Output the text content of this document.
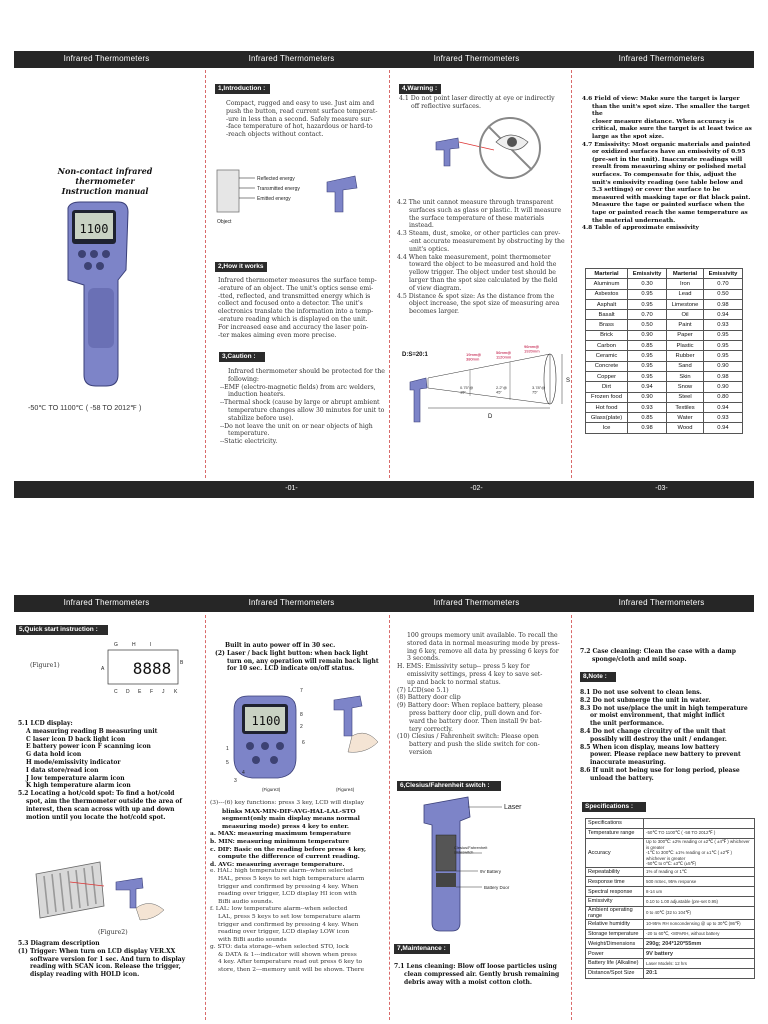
Infrared Thermometers	Infrared Thermometers	Infrared Thermometers	Infrared Thermometers

Non-contact infrared thermometer

Instruction manual

1100
-50℃ TO 1100℃ ( -58 TO 2012℉ )
1,Introduction :

Compact, rugged and easy to use. Just aim and

push the button, read current surface temperat-

-ure in less than a second. Safely measure sur-

-face temperature of hot, hazardous or hard-to

-reach objects without contact.

Reflected energy
Transmitted energy
Emitted energy
Object
2,How it works :

Infrared thermometer measures the surface temp-

-erature of an object. The unit's optics sense emi-

-tted, reflected, and transmitted energy which is

collect and focused onto a detector. The unit's

electronics translate the information into a temp-

-erature reading which is displayed on the unit.

For increased ease and accuracy the laser poin-

-ter makes aiming even more precise.

3,Caution :

Infrared thermometer should be protected for the

following:

--EMF (electro-magnetic fields) from arc welders,

induction heaters.

--Thermal shock (cause by large or abrupt ambient

temperature changes allow 30 minutes for unit to

stabilize before use).

--Do not leave the unit on or near objects of high

temperature.

--Static electricity.

4,Warning :

4.1 Do not point laser directly at eye or indirectly

off reflective surfaces.

4.2 The unit cannot measure through transparent

surfaces such as glass or plastic. It will measure

the surface temperature of these materials

instead.

4.3 Steam, dust, smoke, or other particles can prev-

-ent accurate measurement by obstructing by the

unit's optics.

4.4 When take measurement, point thermometer

toward the object to be measured and hold the

yellow trigger. The object under test should be

larger than the spot size calculated by the field

of view diagram.

4.5 Distance & spot size: As the distance from the

object increase, the spot size of measuring area

becomes larger.

D:S=20:1	19mm@ 380mm
56mm@ 1120mm
96mm@ 1920mm
0.75"@ 15"
2.2"@ 45"
3.78"@ 75"
S
D

4.6 Field of view: Make sure the target is larger

than the unit's spot size. The smaller the target the

closer measure distance. When accuracy is

critical, make sure the target is at least twice as

large as the spot size.

4.7 Emissivity: Most organic materials and painted

or oxidized surfaces have an emissivity of 0.95

(pre-set in the unit). Inaccurate readings will

result from measuring shiny or polished metal

surfaces. To compensate for this, adjust the

unit's emissivity reading (see table below and

5.3 settings) or cover the surface to be

measured with masking tape or flat black paint.

Measure the tape or painted surface when the

tape or painted reach the same temperature as

the material underneath.

4.8 Table of approximate emissivity

Marterial	Emissivity	Marterial	Emissivity
Aluminum	0.30	Iron	0.70
Asbestos	0.95	Lead	0.50
Asphalt	0.95	Limestone	0.98
Basalt	0.70	Oil	0.94
Brass	0.50	Paint	0.93
Brick	0.90	Paper	0.95
Carbon	0.85	Plastic	0.95
Ceramic	0.95	Rubber	0.95
Concrete	0.95	Sand	0.90
Copper	0.95	Skin	0.98
Dirt	0.94	Snow	0.90
Frozen food	0.90	Steel	0.80
Hot food	0.93	Textiles	0.94
Glass(plate)	0.85	Water	0.93
Ice	0.98	Wood	0.94
-01-	-02-	-03-
Infrared Thermometers	Infrared Thermometers	Infrared Thermometers	Infrared Thermometers
5,Quick start instruction :
(Figure1)	8888
G	H	I
A
B
C D E F J K

5.1 LCD display:

A measuring reading B measuring unit

C laser icon D back light icon

E battery power icon F scanning icon

G data hold icon

H mode/emissivity indicator

I data store/read icon

J low temperature alarm icon

K high temperature alarm icon

5.2 Locating a hot/cold spot: To find a hot/cold

spot, aim the thermometer outside the area of

interest, then scan across with up and down

motion until you locate the hot/cold spot.

(Figure2)

5.3 Diagram description

(1) Trigger: When turn on LCD display VER.XX

software version for 1 sec. And turn to display

reading with SCAN icon. Release the trigger,

display reading with HOLD icon.

Built in auto power off in 30 sec.

(2) Laser / back light button: when back light

turn on, any operation will remain back light

for 10 sec. LCD indicate on/off status.

1100
1
2
3
4
5
6
7
8
(Figure3)	(Figure4)

(3)---(6) key functions: press 3 key, LCD will display

blinks MAX-MIN-DIF-AVG-HAL-LAL-STO

segment(only main display means normal

measuring mode) press 4 key to enter.

a. MAX: measuring maximum temperature

b. MIN: measuring minimum temperature

c. DIF: Basic on the reading before press 4 key,

compute the difference of current reading.

d. AVG: measuring average temperature.

e. HAL: high temperature alarm--when selected

HAL, press 5 keys to set high temperature alarm

trigger and confirmed by pressing 4 key. When

reading over trigger, LCD display HI icon with

BiBi audio sounds.

f. LAL: low temperature alarm--when selected

LAL, press 5 keys to set low temperature alarm

trigger and confirmed by pressing 4 key. When

reading over trigger, LCD display LOW icon

with BiBi audio sounds

g. STO: data storage--when selected STO, lock

& DATA & 1---indicator will shown when press

4 key. After temperature read out press 6 key to

store, then 2---memory unit will be shown. There

100 groups memory unit available. To recall the

stored data in normal measuring mode by press-

ing 6 key, remove all data by pressing 6 keys for

3 seconds.

H. EMS: Emissivity setup-- press 5 key for

emissivity settings, press 4 key to save set-

up and back to normal status.

(7) LCD(see 5.1)

(8) Battery door clip

(9) Battery door: When replace battery, please

press battery door clip, pull down and for-

ward the battery door. Then install 9v bat-

tery correctly.

(10) Clesius / Fahrenheit switch: Please open

battery and push the slide switch for con-

version

6,Clesius/Fahrenheit switch :
Laser
Clesius/Fahrenheit slideswitch
9V Battery
Battery Door
7,Maintenance :

7.1 Lens cleaning: Blow off loose particles using

clean compressed air. Gently brush remaining

debris away with a moist cotton cloth.

7.2 Case cleaning: Clean the case with a damp

sponge/cloth and mild soap.

8,Note :

8.1 Do not use solvent to clean lens.

8.2 Do not submerge the unit in water.

8.3 Do not use/place the unit in high temperature

or moist environment, that might inflict

the unit performance.

8.4 Do not change circuitry of the unit that

possibly will destroy the unit / endanger.

8.5 When icon display, means low battery

power. Please replace new battery to prevent

inaccurate measuring.

8.6 If unit not being use for long period, please

unload the battery.

Specifications :
Specifications	
Temperature range	-50℃ TO 1100℃ ( -58 TO 2012℉ )
Accuracy	Up to 300℃: ±2% reading or ±2℃ ( ±4℉ ) whichever is greater
-1℃ to 300℃: ±1% reading or ±1℃ ( ±2℉ ) whichever is greater
-50℃ to 0℃: ±3℃ (±5℉)
Repeatability	1% of reading or 1℃
Response time	500 mSec, 95% response
Spectral response	8-14 um
Emissivity	0.10 to 1.00 adjustable (pre-set 0.95)
Ambient operating range	0 to 40℃ (32 to 104℉)
Relative humidity	10-95% RH noncondensing @ up to 30℃ (86℉)
Storage temperature	-20 to 60℃, <80%RH, without battery
Weight/Dimensions	290g; 204*120*55mm
Power	9V battery
Battery life (Alkaline)	Laser Models: 12 hrs
Distance/Spot Size	20:1
